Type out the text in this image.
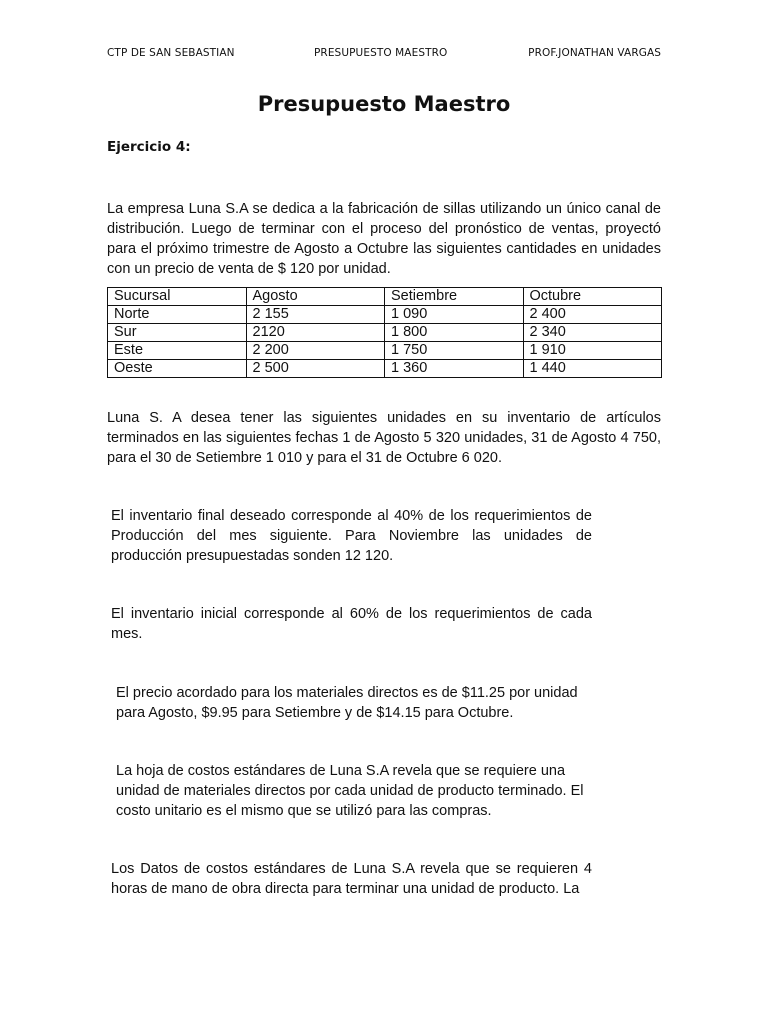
CTP DE SAN SEBASTIAN	PRESUPUESTO MAESTRO	PROF.JONATHAN VARGAS
Presupuesto Maestro
Ejercicio 4:

La empresa Luna S.A se dedica a la fabricación de sillas utilizando un único canal de distribución. Luego de terminar con el proceso del pronóstico de ventas, proyectó para el próximo trimestre de Agosto a Octubre las siguientes cantidades en unidades con un precio de venta de $ 120 por unidad.

Sucursal	Agosto	Setiembre	Octubre
Norte	2 155	1 090	2 400
Sur	2120	1 800	2 340
Este	2 200	1 750	1 910
Oeste	2 500	1 360	1 440

Luna S. A desea tener las siguientes unidades en su inventario de artículos terminados en las siguientes fechas 1 de Agosto 5 320 unidades, 31 de Agosto 4 750, para el 30 de Setiembre 1 010 y para el 31 de Octubre 6 020.

El inventario final deseado corresponde al 40% de los requerimientos de Producción del mes siguiente. Para Noviembre las unidades de producción presupuestadas sonden 12 120.

El inventario inicial corresponde al 60% de los requerimientos de cada mes.

El precio acordado para los materiales directos es de $11.25 por unidad para Agosto, $9.95 para Setiembre y de $14.15 para Octubre.

La hoja de costos estándares de Luna S.A revela que se requiere una unidad de materiales directos por cada unidad de producto terminado. El costo unitario es el mismo que se utilizó para las compras.

Los Datos de costos estándares de Luna S.A revela que se requieren 4 horas de mano de obra directa para terminar una unidad de producto. La
